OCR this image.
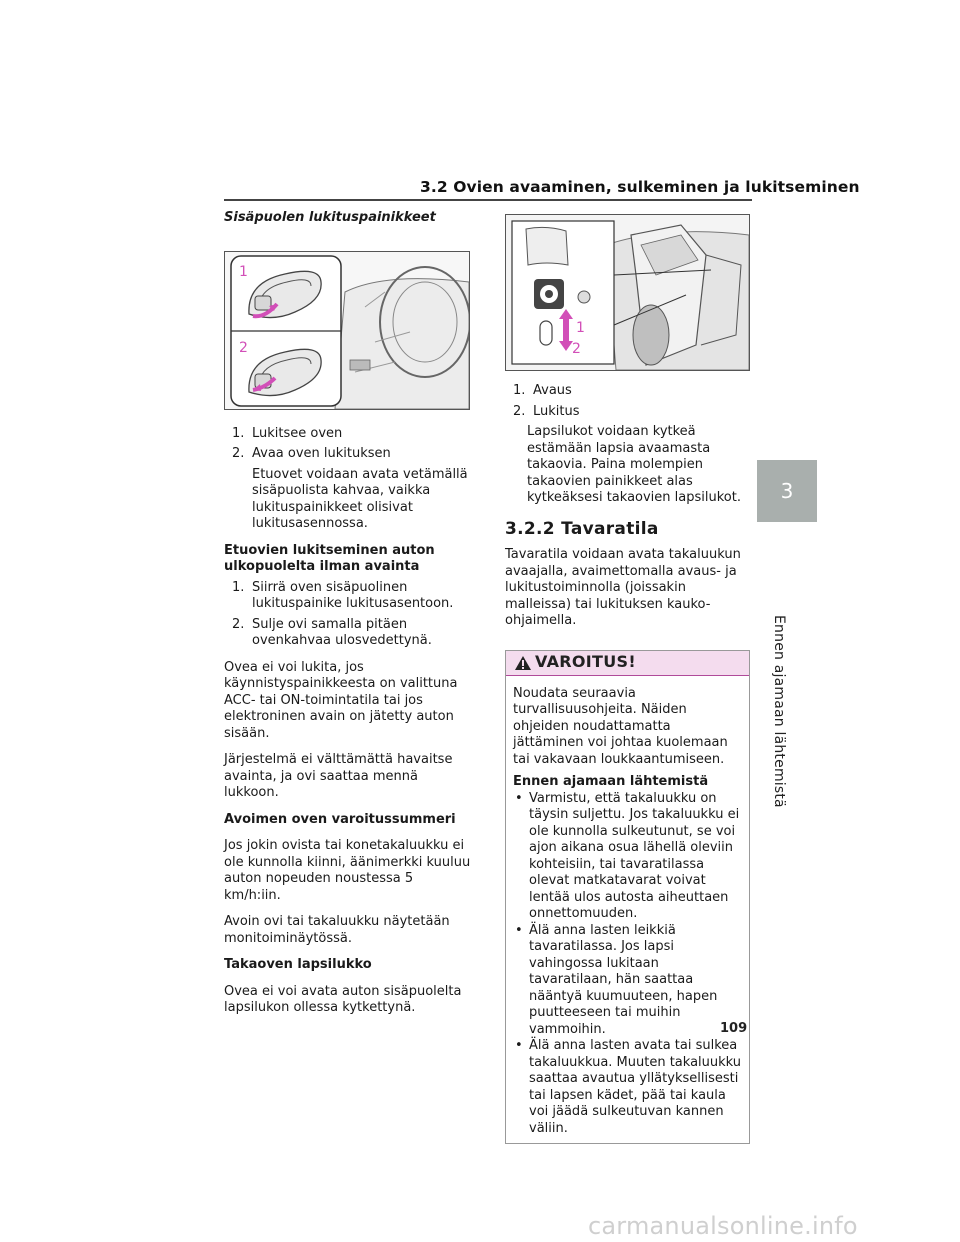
3.2 Ovien avaaminen, sulkeminen ja lukitseminen

Sisäpuolen lukituspainikkeet

1
2
1. Lukitsee oven
2. Avaa oven lukituksen

Etuovet voidaan avata vetämällä sisäpuolista kahvaa, vaikka lukituspainikkeet olisivat lukitusasennossa.

Etuovien lukitseminen auton ulkopuolelta ilman avainta

1. Siirrä oven sisäpuolinen lukituspainike lukitusasentoon.
2. Sulje ovi samalla pitäen ovenkahvaa ulosvedettynä.

Ovea ei voi lukita, jos käynnistyspainikkeesta on valittuna ACC- tai ON-toimintatila tai jos elektroninen avain on jätetty auton sisään.

Järjestelmä ei välttämättä havaitse avainta, ja ovi saattaa mennä lukkoon.

Avoimen oven varoitussummeri

Jos jokin ovista tai konetakaluukku ei ole kunnolla kiinni, äänimerkki kuuluu auton nopeuden noustessa 5 km/h:iin.

Avoin ovi tai takaluukku näytetään monitoiminäytössä.

Takaoven lapsilukko

Ovea ei voi avata auton sisäpuolelta lapsilukon ollessa kytkettynä.

1
2
1. Avaus
2. Lukitus

Lapsilukot voidaan kytkeä estämään lapsia avaamasta takaovia. Paina molempien takaovien painikkeet alas kytkeäksesi takaovien lapsilukot.

3.2.2 Tavaratila

Tavaratila voidaan avata takaluukun avaajalla, avaimettomalla avaus- ja lukitustoiminnolla (joissakin malleissa) tai lukituksen kauko-ohjaimella.

VAROITUS!

Noudata seuraavia turvallisuusohjeita. Näiden ohjeiden noudattamatta jättäminen voi johtaa kuolemaan tai vakavaan loukkaantumiseen.

Ennen ajamaan lähtemistä

• Varmistu, että takaluukku on täysin suljettu. Jos takaluukku ei ole kunnolla sulkeutunut, se voi ajon aikana osua lähellä oleviin kohteisiin, tai tavaratilassa olevat matkatavarat voivat lentää ulos autosta aiheuttaen onnettomuuden.
• Älä anna lasten leikkiä tavaratilassa. Jos lapsi vahingossa lukitaan tavaratilaan, hän saattaa nääntyä kuumuuteen, hapen puutteeseen tai muihin vammoihin.
• Älä anna lasten avata tai sulkea takaluukkua. Muuten takaluukku saattaa avautua yllätyksellisesti tai lapsen kädet, pää tai kaula voi jäädä sulkeutuvan kannen väliin.
3
Ennen ajamaan lähtemistä
109
carmanualsonline.info
